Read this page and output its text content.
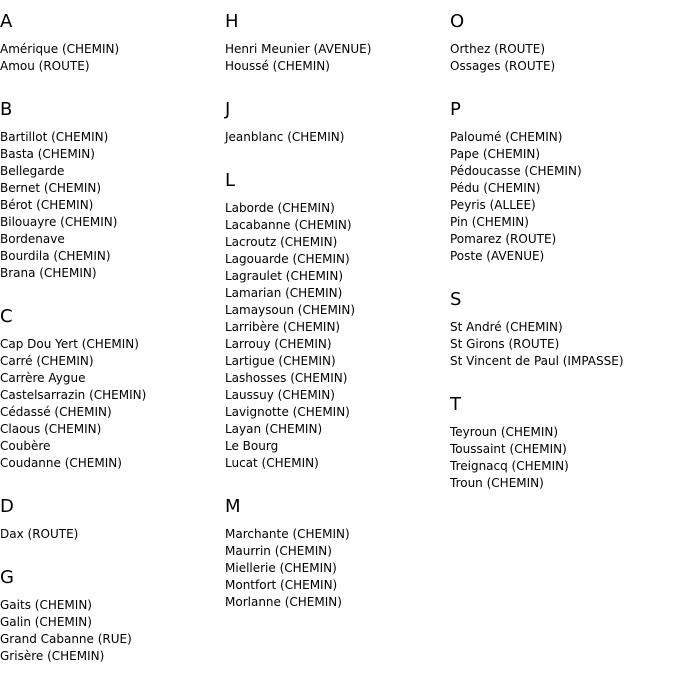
A
Amérique (CHEMIN)
Amou (ROUTE)
B
Bartillot (CHEMIN)
Basta (CHEMIN)
Bellegarde
Bernet (CHEMIN)
Bérot (CHEMIN)
Bilouayre (CHEMIN)
Bordenave
Bourdila (CHEMIN)
Brana (CHEMIN)
C
Cap Dou Yert (CHEMIN)
Carré (CHEMIN)
Carrère Aygue
Castelsarrazin (CHEMIN)
Cédassé (CHEMIN)
Claous (CHEMIN)
Coubère
Coudanne (CHEMIN)
D
Dax (ROUTE)
G
Gaits (CHEMIN)
Galin (CHEMIN)
Grand Cabanne (RUE)
Grisère (CHEMIN)
H
Henri Meunier (AVENUE)
Houssé (CHEMIN)
J
Jeanblanc (CHEMIN)
L
Laborde (CHEMIN)
Lacabanne (CHEMIN)
Lacroutz (CHEMIN)
Lagouarde (CHEMIN)
Lagraulet (CHEMIN)
Lamarian (CHEMIN)
Lamaysoun (CHEMIN)
Larribère (CHEMIN)
Larrouy (CHEMIN)
Lartigue (CHEMIN)
Lashosses (CHEMIN)
Laussuy (CHEMIN)
Lavignotte (CHEMIN)
Layan (CHEMIN)
Le Bourg
Lucat (CHEMIN)
M
Marchante (CHEMIN)
Maurrin (CHEMIN)
Miellerie (CHEMIN)
Montfort (CHEMIN)
Morlanne (CHEMIN)
O
Orthez (ROUTE)
Ossages (ROUTE)
P
Paloumé (CHEMIN)
Pape (CHEMIN)
Pédoucasse (CHEMIN)
Pédu (CHEMIN)
Peyris (ALLEE)
Pin (CHEMIN)
Pomarez (ROUTE)
Poste (AVENUE)
S
St André (CHEMIN)
St Girons (ROUTE)
St Vincent de Paul (IMPASSE)
T
Teyroun (CHEMIN)
Toussaint (CHEMIN)
Treignacq (CHEMIN)
Troun (CHEMIN)
